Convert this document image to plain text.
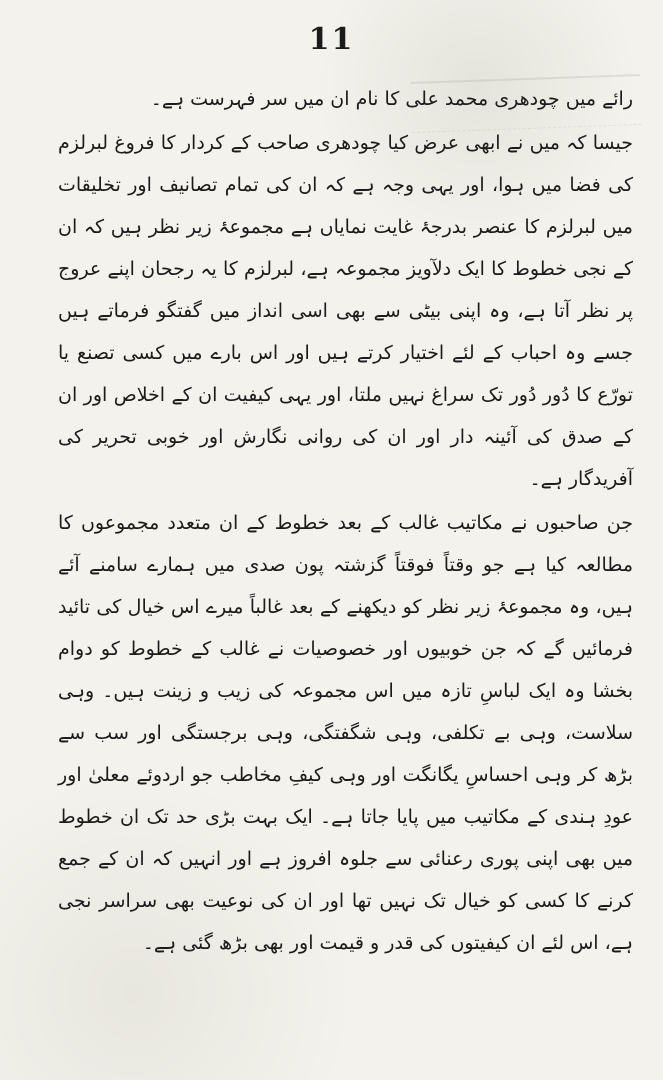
11

رائے میں چودھری محمد علی کا نام ان میں سر فہرست ہے۔

جیسا کہ میں نے ابھی عرض کیا چودھری صاحب کے کردار کا فروغ لبرلزم کی فضا میں ہوا، اور یہی وجہ ہے کہ ان کی تمام تصانیف اور تخلیقات میں لبرلزم کا عنصر بدرجۂ غایت نمایاں ہے مجموعۂ زیر نظر ہیں کہ ان کے نجی خطوط کا ایک دلآویز مجموعہ ہے، لبرلزم کا یہ رجحان اپنے عروج پر نظر آتا ہے، وہ اپنی بیٹی سے بھی اسی انداز میں گفتگو فرماتے ہیں جسے وہ احباب کے لئے اختیار کرتے ہیں اور اس بارے میں کسی تصنع یا تورّع کا دُور دُور تک سراغ نہیں ملتا، اور یہی کیفیت ان کے اخلاص اور ان کے صدق کی آئینہ دار اور ان کی روانی نگارش اور خوبی تحریر کی آفریدگار ہے۔

جن صاحبوں نے مکاتیب غالب کے بعد خطوط کے ان متعدد مجموعوں کا مطالعہ کیا ہے جو وقتاً فوقتاً گزشتہ پون صدی میں ہمارے سامنے آئے ہیں، وہ مجموعۂ زیر نظر کو دیکھنے کے بعد غالباً میرے اس خیال کی تائید فرمائیں گے کہ جن خوبیوں اور خصوصیات نے غالب کے خطوط کو دوام بخشا وہ ایک لباسِ تازہ میں اس مجموعہ کی زیب و زینت ہیں۔ وہی سلاست، وہی بے تکلفی، وہی شگفتگی، وہی برجستگی اور سب سے بڑھ کر وہی احساسِ یگانگت اور وہی کیفِ مخاطب جو اردوئے معلیٰ اور عودِ ہندی کے مکاتیب میں پایا جاتا ہے۔ ایک بہت بڑی حد تک ان خطوط میں بھی اپنی پوری رعنائی سے جلوہ افروز ہے اور انہیں کہ ان کے جمع کرنے کا کسی کو خیال تک نہیں تھا اور ان کی نوعیت بھی سراسر نجی ہے، اس لئے ان کیفیتوں کی قدر و قیمت اور بھی بڑھ گئی ہے۔
